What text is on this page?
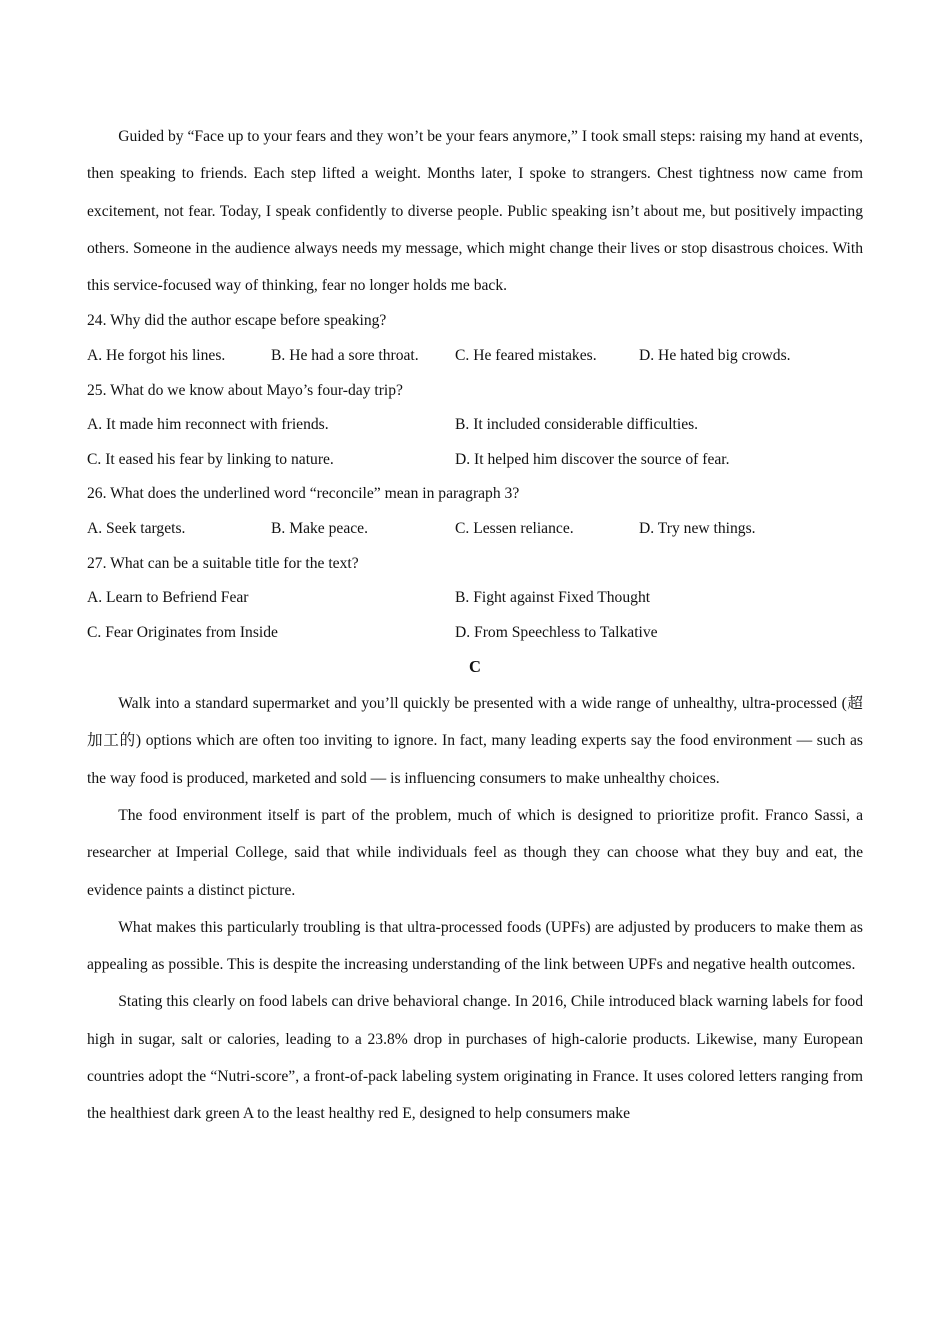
Guided by “Face up to your fears and they won’t be your fears anymore,” I took small steps: raising my hand at events, then speaking to friends. Each step lifted a weight. Months later, I spoke to strangers. Chest tightness now came from excitement, not fear. Today, I speak confidently to diverse people. Public speaking isn’t about me, but positively impacting others. Someone in the audience always needs my message, which might change their lives or stop disastrous choices. With this service-focused way of thinking, fear no longer holds me back.

24. Why did the author escape before speaking?

A. He forgot his lines.	B. He had a sore throat.	C. He feared mistakes.	D. He hated big crowds.

25. What do we know about Mayo’s four-day trip?

A. It made him reconnect with friends.	B. It included considerable difficulties.
C. It eased his fear by linking to nature.	D. It helped him discover the source of fear.

26. What does the underlined word “reconcile” mean in paragraph 3?

A. Seek targets.	B. Make peace.	C. Lessen reliance.	D. Try new things.

27. What can be a suitable title for the text?

A. Learn to Befriend Fear	B. Fight against Fixed Thought
C. Fear Originates from Inside	D. From Speechless to Talkative

C

Walk into a standard supermarket and you’ll quickly be presented with a wide range of unhealthy, ultra-processed (超加工的) options which are often too inviting to ignore. In fact, many leading experts say the food environment — such as the way food is produced, marketed and sold — is influencing consumers to make unhealthy choices.

The food environment itself is part of the problem, much of which is designed to prioritize profit. Franco Sassi, a researcher at Imperial College, said that while individuals feel as though they can choose what they buy and eat, the evidence paints a distinct picture.

What makes this particularly troubling is that ultra-processed foods (UPFs) are adjusted by producers to make them as appealing as possible. This is despite the increasing understanding of the link between UPFs and negative health outcomes.

Stating this clearly on food labels can drive behavioral change. In 2016, Chile introduced black warning labels for food high in sugar, salt or calories, leading to a 23.8% drop in purchases of high-calorie products. Likewise, many European countries adopt the “Nutri-score”, a front-of-pack labeling system originating in France. It uses colored letters ranging from the healthiest dark green A to the least healthy red E, designed to help consumers make
